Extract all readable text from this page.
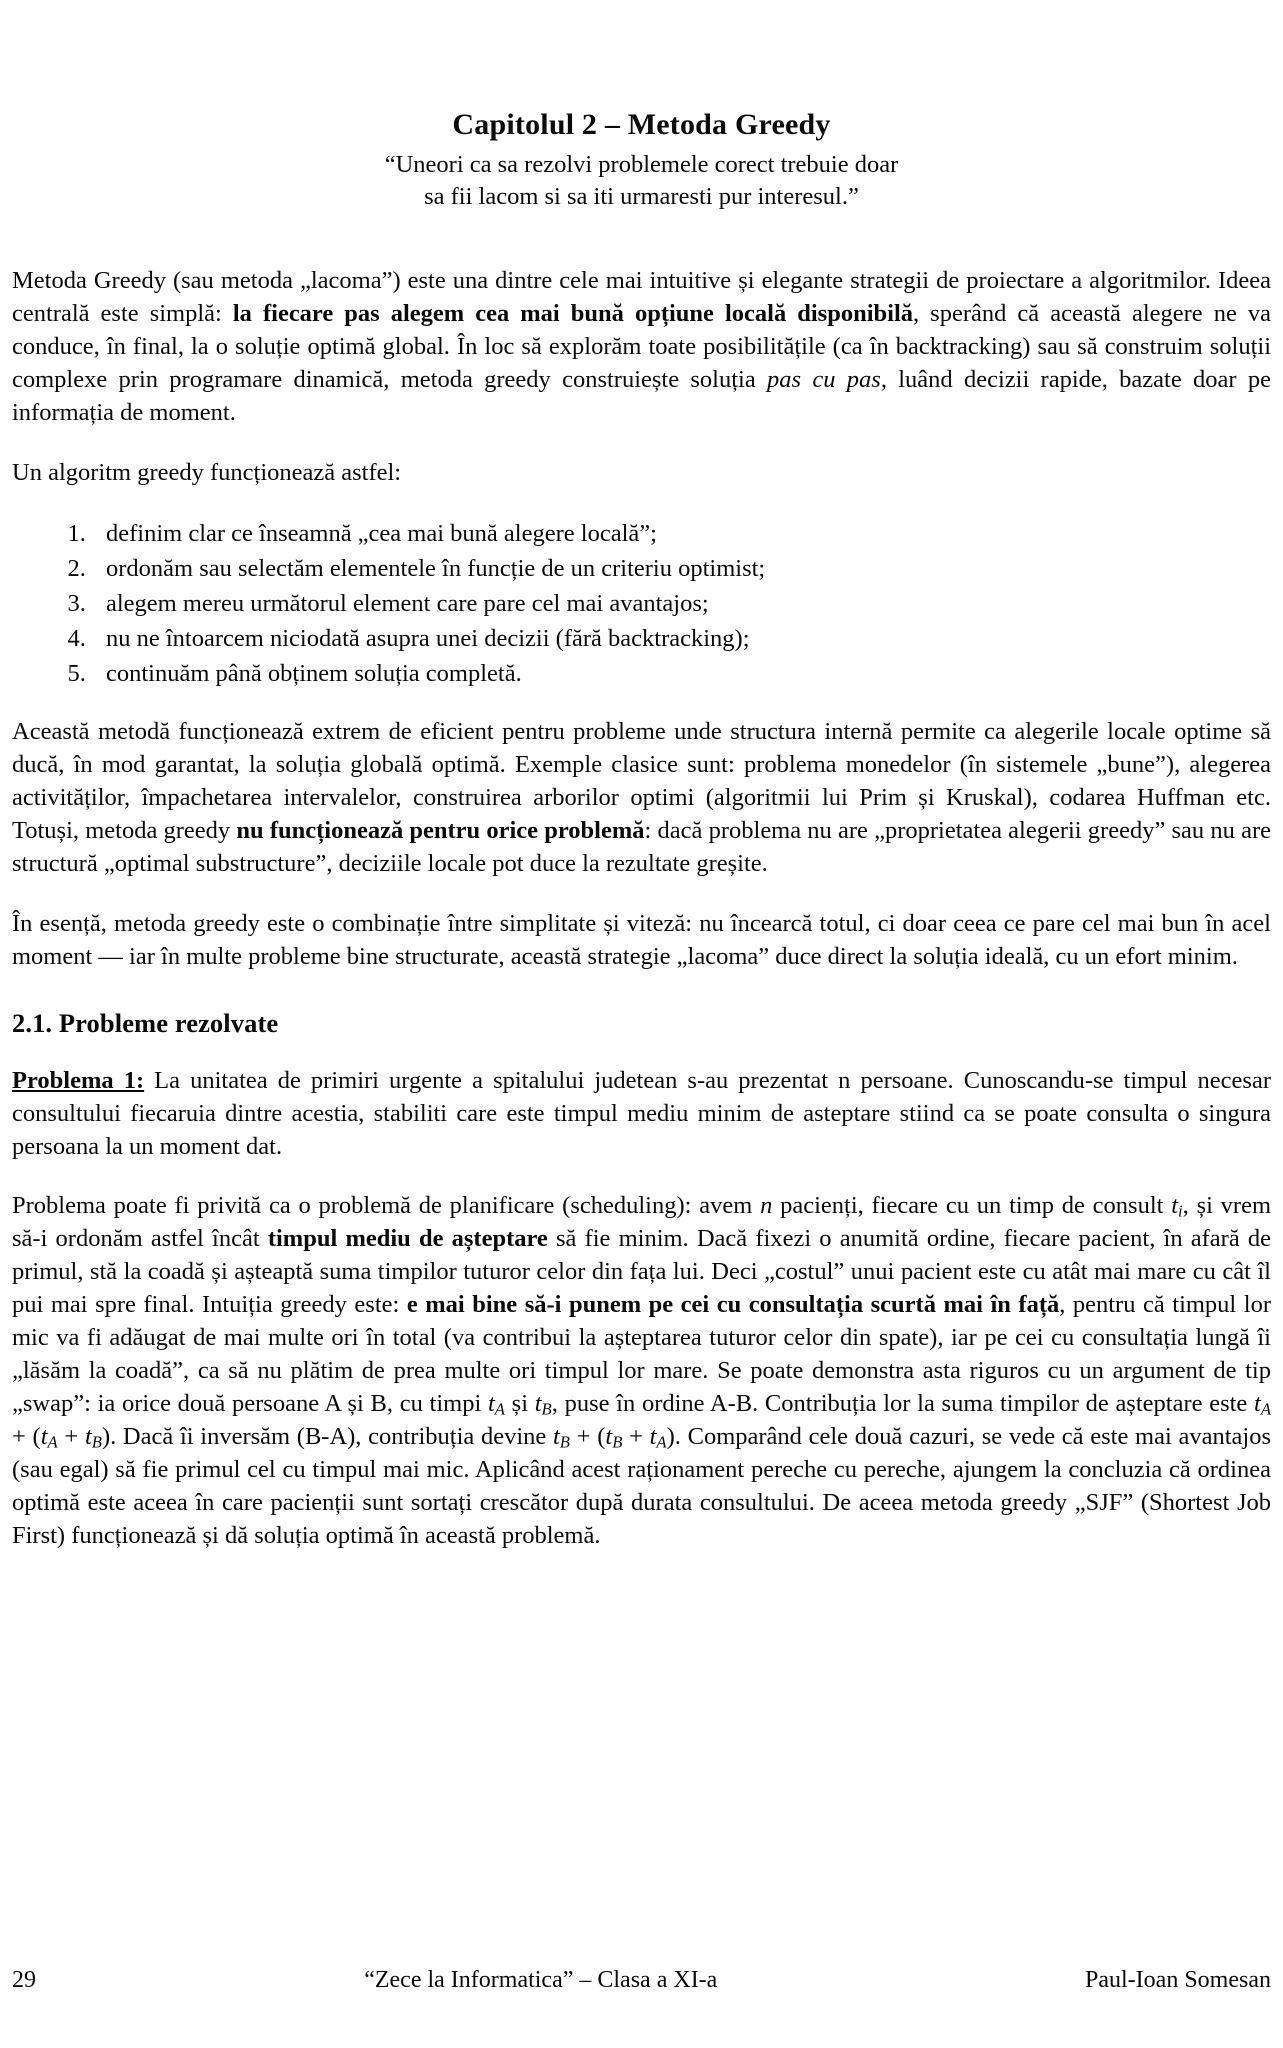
Capitolul 2 – Metoda Greedy
“Uneori ca sa rezolvi problemele corect trebuie doar
sa fii lacom si sa iti urmaresti pur interesul.”

Metoda Greedy (sau metoda „lacoma”) este una dintre cele mai intuitive și elegante strategii de proiectare a algoritmilor. Ideea centrală este simplă: la fiecare pas alegem cea mai bună opțiune locală disponibilă, sperând că această alegere ne va conduce, în final, la o soluție optimă global. În loc să explorăm toate posibilitățile (ca în backtracking) sau să construim soluții complexe prin programare dinamică, metoda greedy construiește soluția pas cu pas, luând decizii rapide, bazate doar pe informația de moment.

Un algoritm greedy funcționează astfel:

1. definim clar ce înseamnă „cea mai bună alegere locală”;
2. ordonăm sau selectăm elementele în funcție de un criteriu optimist;
3. alegem mereu următorul element care pare cel mai avantajos;
4. nu ne întoarcem niciodată asupra unei decizii (fără backtracking);
5. continuăm până obținem soluția completă.

Această metodă funcționează extrem de eficient pentru probleme unde structura internă permite ca alegerile locale optime să ducă, în mod garantat, la soluția globală optimă. Exemple clasice sunt: problema monedelor (în sistemele „bune”), alegerea activităților, împachetarea intervalelor, construirea arborilor optimi (algoritmii lui Prim și Kruskal), codarea Huffman etc. Totuși, metoda greedy nu funcționează pentru orice problemă: dacă problema nu are „proprietatea alegerii greedy” sau nu are structură „optimal substructure”, deciziile locale pot duce la rezultate greșite.

În esență, metoda greedy este o combinație între simplitate și viteză: nu încearcă totul, ci doar ceea ce pare cel mai bun în acel moment — iar în multe probleme bine structurate, această strategie „lacoma” duce direct la soluția ideală, cu un efort minim.

2.1. Probleme rezolvate

Problema 1: La unitatea de primiri urgente a spitalului judetean s-au prezentat n persoane. Cunoscandu-se timpul necesar consultului fiecaruia dintre acestia, stabiliti care este timpul mediu minim de asteptare stiind ca se poate consulta o singura persoana la un moment dat.

Problema poate fi privită ca o problemă de planificare (scheduling): avem n pacienți, fiecare cu un timp de consult $t_i$, și vrem să-i ordonăm astfel încât timpul mediu de așteptare să fie minim. Dacă fixezi o anumită ordine, fiecare pacient, în afară de primul, stă la coadă și așteaptă suma timpilor tuturor celor din fața lui. Deci „costul” unui pacient este cu atât mai mare cu cât îl pui mai spre final. Intuiția greedy este: e mai bine să-i punem pe cei cu consultația scurtă mai în față, pentru că timpul lor mic va fi adăugat de mai multe ori în total (va contribui la așteptarea tuturor celor din spate), iar pe cei cu consultația lungă îi „lăsăm la coadă”, ca să nu plătim de prea multe ori timpul lor mare. Se poate demonstra asta riguros cu un argument de tip „swap”: ia orice două persoane A și B, cu timpi $t_A$ și $t_B$, puse în ordine A-B. Contribuția lor la suma timpilor de așteptare este $t_A + (t_A + t_B)$. Dacă îi inversăm (B-A), contribuția devine $t_B + (t_B + t_A)$. Comparând cele două cazuri, se vede că este mai avantajos (sau egal) să fie primul cel cu timpul mai mic. Aplicând acest raționament pereche cu pereche, ajungem la concluzia că ordinea optimă este aceea în care pacienții sunt sortați crescător după durata consultului. De aceea metoda greedy „SJF” (Shortest Job First) funcționează și dă soluția optimă în această problemă.

29	“Zece la Informatica” – Clasa a XI-a	Paul-Ioan Somesan
